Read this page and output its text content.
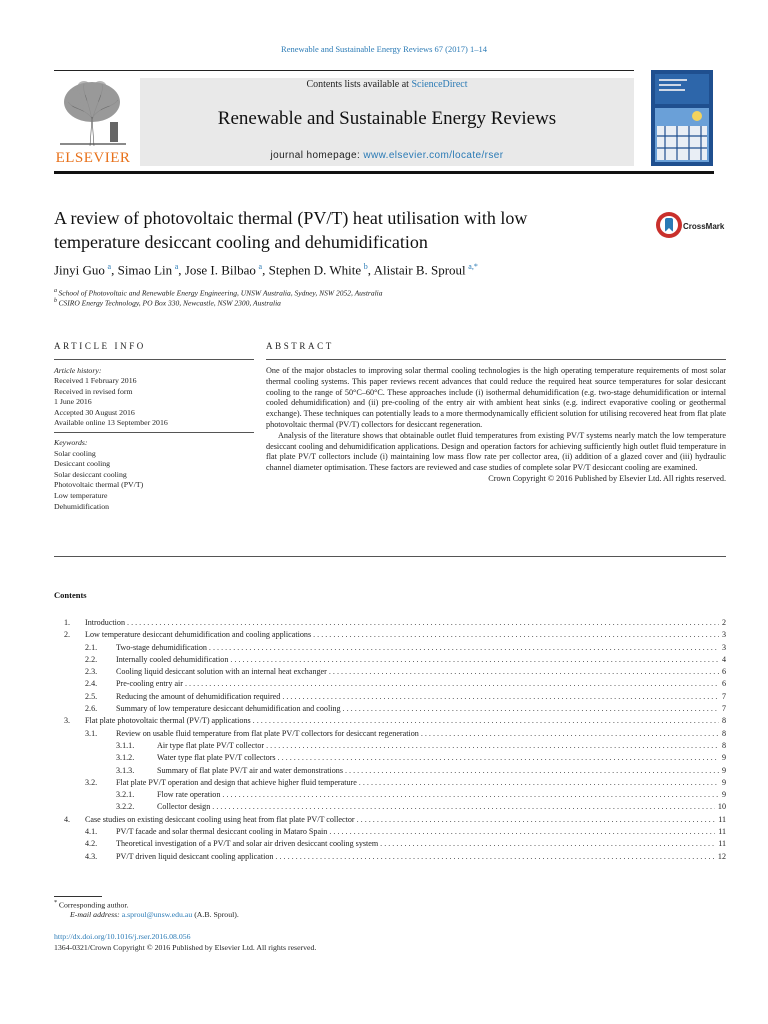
Renewable and Sustainable Energy Reviews 67 (2017) 1–14
ELSEVIER
Contents lists available at ScienceDirect
Renewable and Sustainable Energy Reviews
journal homepage: www.elsevier.com/locate/rser
A review of photovoltaic thermal (PV/T) heat utilisation with low temperature desiccant cooling and dehumidification
CrossMark
Jinyi Guo  $^a$, Simao Lin  $^a$, Jose I. Bilbao  $^a$, Stephen D. White  $^b$, Alistair B. Sproul  $^{a,*}$
$^a$  School of Photovoltaic and Renewable Energy Engineering, UNSW Australia, Sydney, NSW 2052, Australia
$^b$  CSIRO Energy Technology, PO Box 330, Newcastle, NSW 2300, Australia
ARTICLE INFO	ABSTRACT
Article history:
Received 1 February 2016
Received in revised form
1 June 2016
Accepted 30 August 2016
Available online 13 September 2016
Keywords:
Solar cooling
Desiccant cooling
Solar desiccant cooling
Photovoltaic thermal (PV/T)
Low temperature
Dehumidification

One of the major obstacles to improving solar thermal cooling technologies is the high operating temperature requirements of most solar thermal cooling systems. This paper reviews recent advances that could reduce the required heat source temperatures for solar desiccant cooling to the range of 50°C–60°C. These approaches include (i) isothermal dehumidification (e.g. two-stage dehumidification or internal cooled dehumidification) and (ii) pre-cooling of the entry air with ambient heat sinks (e.g. indirect evaporative cooling or geothermal exchange). These techniques can potentially leads to a more thermodynamically efficient solution for utilising recovered heat from flat plate photovoltaic thermal (PV/T) collectors for desiccant regeneration.

Analysis of the literature shows that obtainable outlet fluid temperatures from existing PV/T systems nearly match the low temperature desiccant cooling and dehumidification applications. Design and operation factors for achieving sufficiently high outlet fluid temperature in flat plate PV/T collectors include (i) maintaining low mass flow rate per collector area, (ii) addition of a glazed cover and (iii) hydraulic channel diameter optimisation. These factors are reviewed and case studies of complete solar PV/T desiccant cooling are examined.

Crown Copyright © 2016 Published by Elsevier Ltd. All rights reserved.

Contents
1.	Introduction . . .	2
2.	Low temperature desiccant dehumidification and cooling applications . . .	3
2.1.	Two-stage dehumidification . . .	3
2.2.	Internally cooled dehumidification . . .	4
2.3.	Cooling liquid desiccant solution with an internal heat exchanger . . .	6
2.4.	Pre-cooling entry air . . .	6
2.5.	Reducing the amount of dehumidification required . . .	7
2.6.	Summary of low temperature desiccant dehumidification and cooling . . .	7
3.	Flat plate photovoltaic thermal (PV/T) applications . . .	8
3.1.	Review on usable fluid temperature from flat plate PV/T collectors for desiccant regeneration . . .	8
3.1.1.	Air type flat plate PV/T collector . . .	8
3.1.2.	Water type flat plate PV/T collectors . . .	9
3.1.3.	Summary of flat plate PV/T air and water demonstrations . . .	9
3.2.	Flat plate PV/T operation and design that achieve higher fluid temperature . . .	9
3.2.1.	Flow rate operation . . .	9
3.2.2.	Collector design . . .	10
4.	Case studies on existing desiccant cooling using heat from flat plate PV/T collector . . .	11
4.1.	PV/T facade and solar thermal desiccant cooling in Mataro Spain . . .	11
4.2.	Theoretical investigation of a PV/T and solar air driven desiccant cooling system . . .	11
4.3.	PV/T driven liquid desiccant cooling application . . .	12
*  Corresponding author.
E-mail address: a.sproul@unsw.edu.au (A.B. Sproul).
http://dx.doi.org/10.1016/j.rser.2016.08.056
1364-0321/Crown Copyright © 2016 Published by Elsevier Ltd. All rights reserved.
